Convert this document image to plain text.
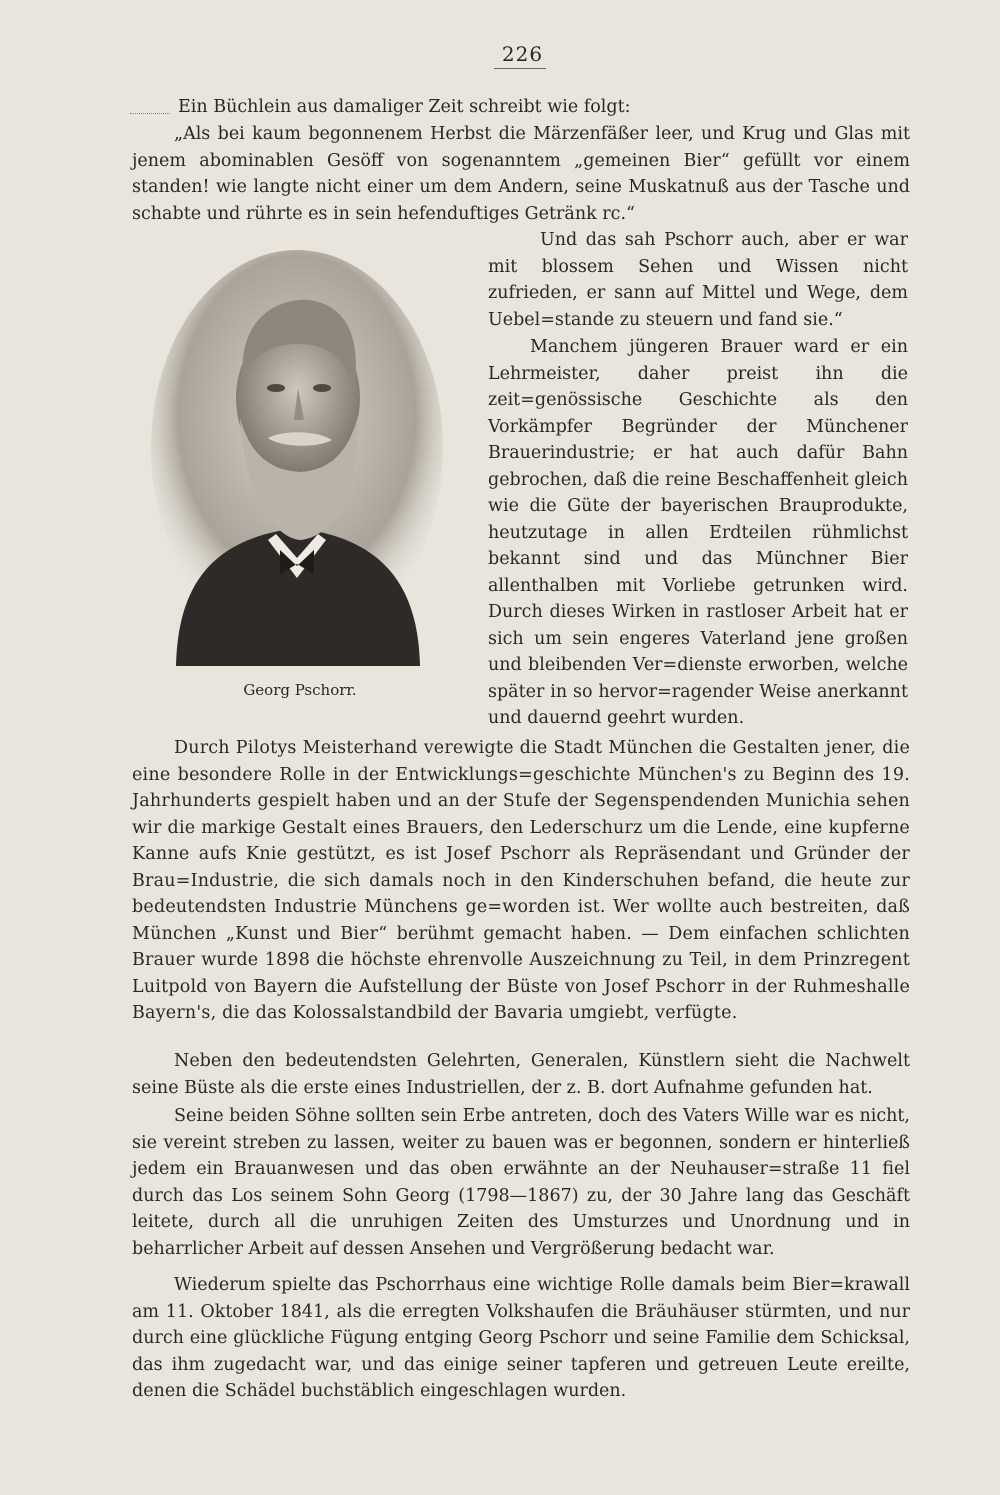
226

Ein Büchlein aus damaliger Zeit schreibt wie folgt:

„Als bei kaum begonnenem Herbst die Märzenfäßer leer, und Krug und Glas mit jenem abominablen Gesöff von sogenanntem „gemeinen Bier“ gefüllt vor einem standen! wie langte nicht einer um dem Andern, seine Muskatnuß aus der Tasche und schabte und rührte es in sein hefenduftiges Getränk rc.“

Und das sah Pschorr auch, aber er war mit blossem Sehen und Wissen nicht zufrieden, er sann auf Mittel und Wege, dem Uebel=stande zu steuern und fand sie.“

Manchem jüngeren Brauer ward er ein Lehrmeister, daher preist ihn die zeit=genössische Geschichte als den Vorkämpfer Begründer der Münchener Brauerindustrie; er hat auch dafür Bahn gebrochen, daß die reine Beschaffenheit gleich wie die Güte der bayerischen Brauprodukte, heutzutage in allen Erdteilen rühmlichst bekannt sind und das Münchner Bier allenthalben mit Vorliebe getrunken wird. Durch dieses Wirken in rastloser Arbeit hat er sich um sein engeres Vaterland jene großen und bleibenden Ver=dienste erworben, welche später in so hervor=ragender Weise anerkannt und dauernd geehrt wurden.

Georg Pschorr.

Durch Pilotys Meisterhand verewigte die Stadt München die Gestalten jener, die eine besondere Rolle in der Entwicklungs=geschichte München's zu Beginn des 19. Jahrhunderts gespielt haben und an der Stufe der Segenspendenden Munichia sehen wir die markige Gestalt eines Brauers, den Lederschurz um die Lende, eine kupferne Kanne aufs Knie gestützt, es ist Josef Pschorr als Repräsendant und Gründer der Brau=Industrie, die sich damals noch in den Kinderschuhen befand, die heute zur bedeutendsten Industrie Münchens ge=worden ist. Wer wollte auch bestreiten, daß München „Kunst und Bier“ berühmt gemacht haben. — Dem einfachen schlichten Brauer wurde 1898 die höchste ehrenvolle Auszeichnung zu Teil, in dem Prinzregent Luitpold von Bayern die Aufstellung der Büste von Josef Pschorr in der Ruhmeshalle Bayern's, die das Kolossalstandbild der Bavaria umgiebt, verfügte.

Neben den bedeutendsten Gelehrten, Generalen, Künstlern sieht die Nachwelt seine Büste als die erste eines Industriellen, der z. B. dort Aufnahme gefunden hat.

Seine beiden Söhne sollten sein Erbe antreten, doch des Vaters Wille war es nicht, sie vereint streben zu lassen, weiter zu bauen was er begonnen, sondern er hinterließ jedem ein Brauanwesen und das oben erwähnte an der Neuhauser=straße 11 fiel durch das Los seinem Sohn Georg (1798—1867) zu, der 30 Jahre lang das Geschäft leitete, durch all die unruhigen Zeiten des Umsturzes und Unordnung und in beharrlicher Arbeit auf dessen Ansehen und Vergrößerung bedacht war.

Wiederum spielte das Pschorrhaus eine wichtige Rolle damals beim Bier=krawall am 11. Oktober 1841, als die erregten Volkshaufen die Bräuhäuser stürmten, und nur durch eine glückliche Fügung entging Georg Pschorr und seine Familie dem Schicksal, das ihm zugedacht war, und das einige seiner tapferen und getreuen Leute ereilte, denen die Schädel buchstäblich eingeschlagen wurden.
